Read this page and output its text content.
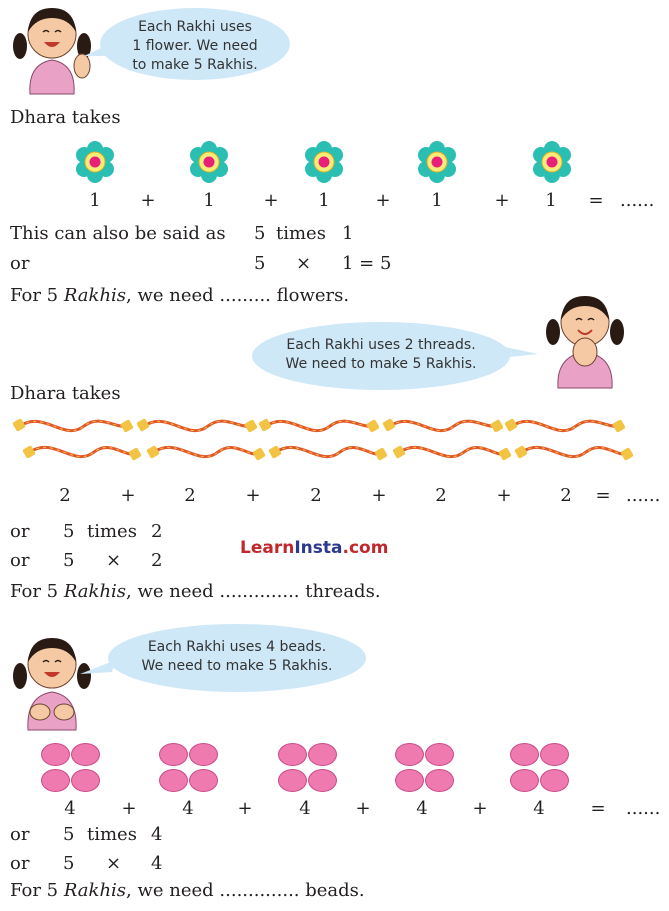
Each Rakhi uses
1 flower. We need
to make 5 Rakhis.
Dhara takes
1	+	1	+	1	+	1	+	1	= ......
This can also be said as 5 times 1
or	5 × 1 = 5
For 5 Rakhis, we need ......... flowers.
Each Rakhi uses 2 threads.
We need to make 5 Rakhis.
Dhara takes
2	+	2	+	2	+	2	+	2	= ......
or 5 times 2
or 5 × 2
LearnInsta.com
For 5 Rakhis, we need .............. threads.
Each Rakhi uses 4 beads.
We need to make 5 Rakhis.
4	+	4	+	4	+	4	+	4	=	......
or 5 times 4
or 5 × 4
For 5 Rakhis, we need .............. beads.
